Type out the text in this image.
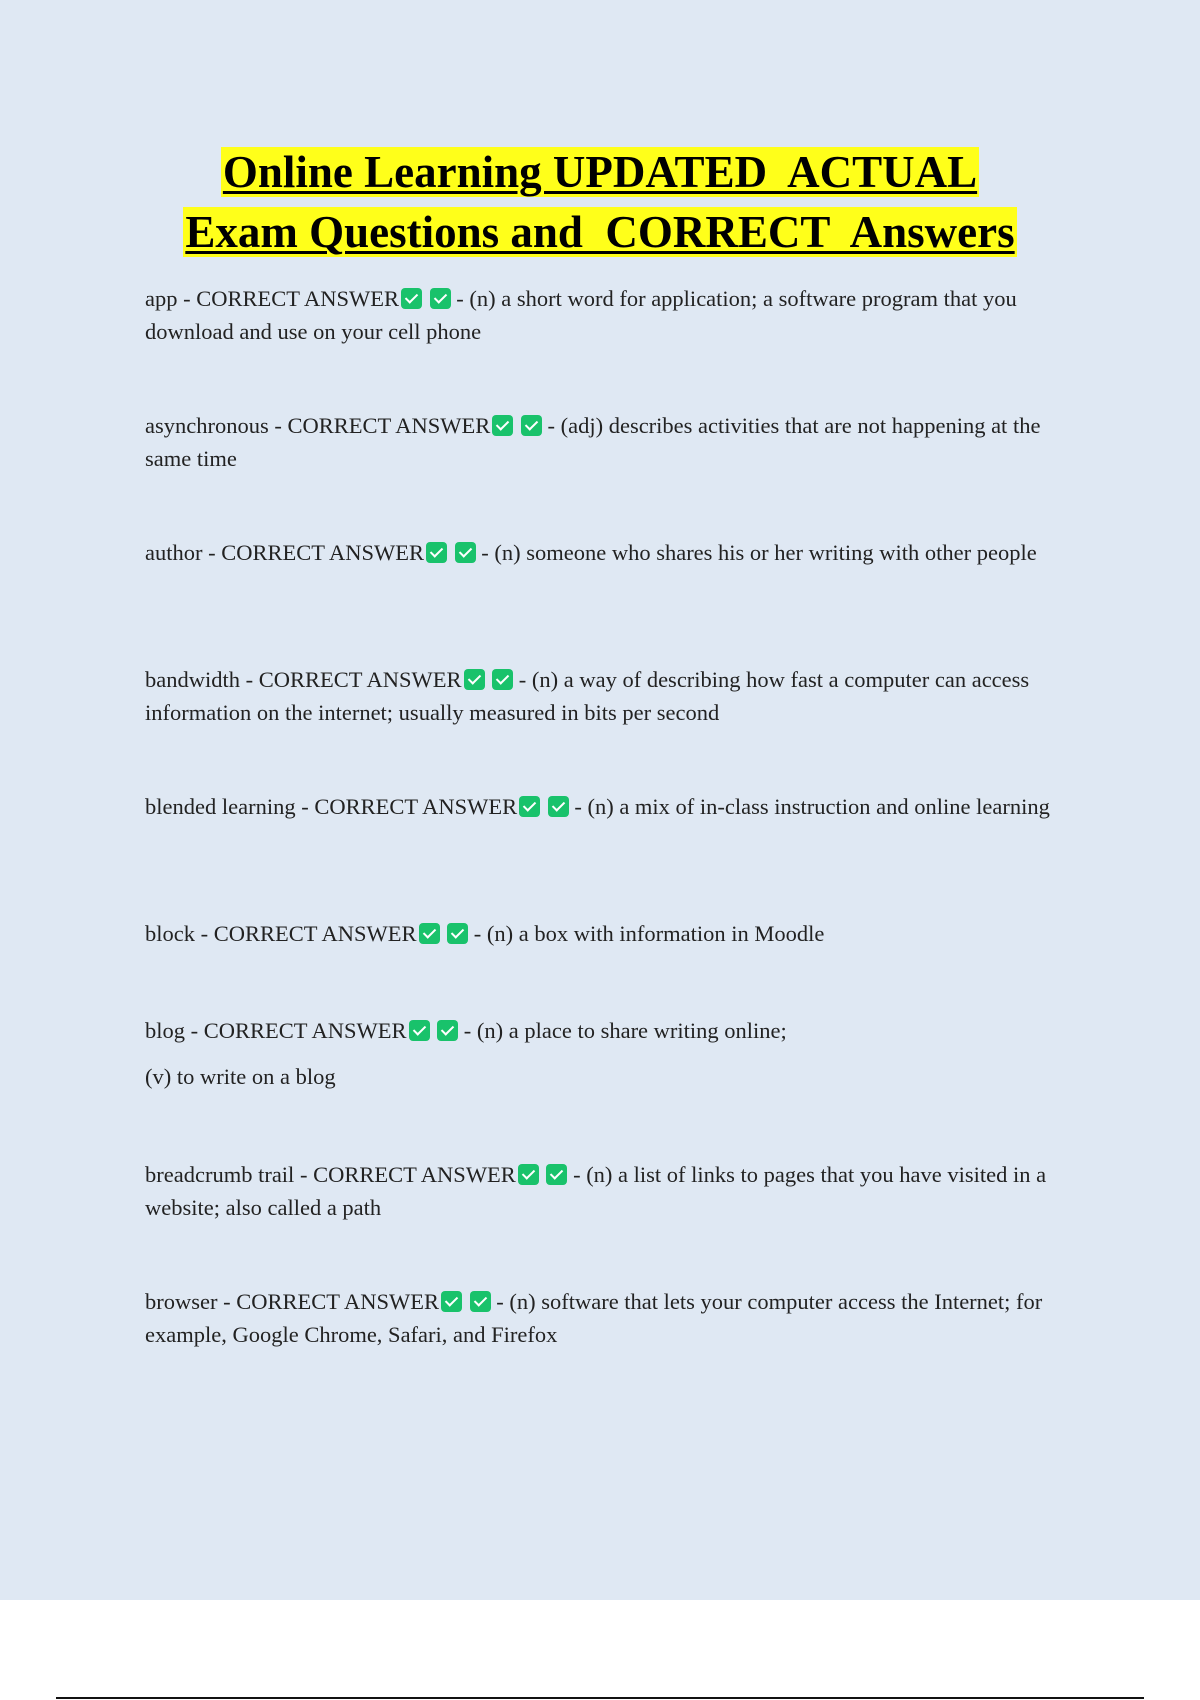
Online Learning UPDATED  ACTUAL
Exam Questions and  CORRECT  Answers
app - CORRECT ANSWER  - (n) a short word for application; a software program that you download and use on your cell phone
asynchronous - CORRECT ANSWER  - (adj) describes activities that are not happening at the same time
author - CORRECT ANSWER  - (n) someone who shares his or her writing with other people
bandwidth - CORRECT ANSWER  - (n) a way of describing how fast a computer can access information on the internet; usually measured in bits per second
blended learning - CORRECT ANSWER  - (n) a mix of in-class instruction and online learning
block - CORRECT ANSWER  - (n) a box with information in Moodle
blog - CORRECT ANSWER  - (n) a place to share writing online;
(v) to write on a blog
breadcrumb trail - CORRECT ANSWER  - (n) a list of links to pages that you have visited in a website; also called a path
browser - CORRECT ANSWER  - (n) software that lets your computer access the Internet; for example, Google Chrome, Safari, and Firefox
